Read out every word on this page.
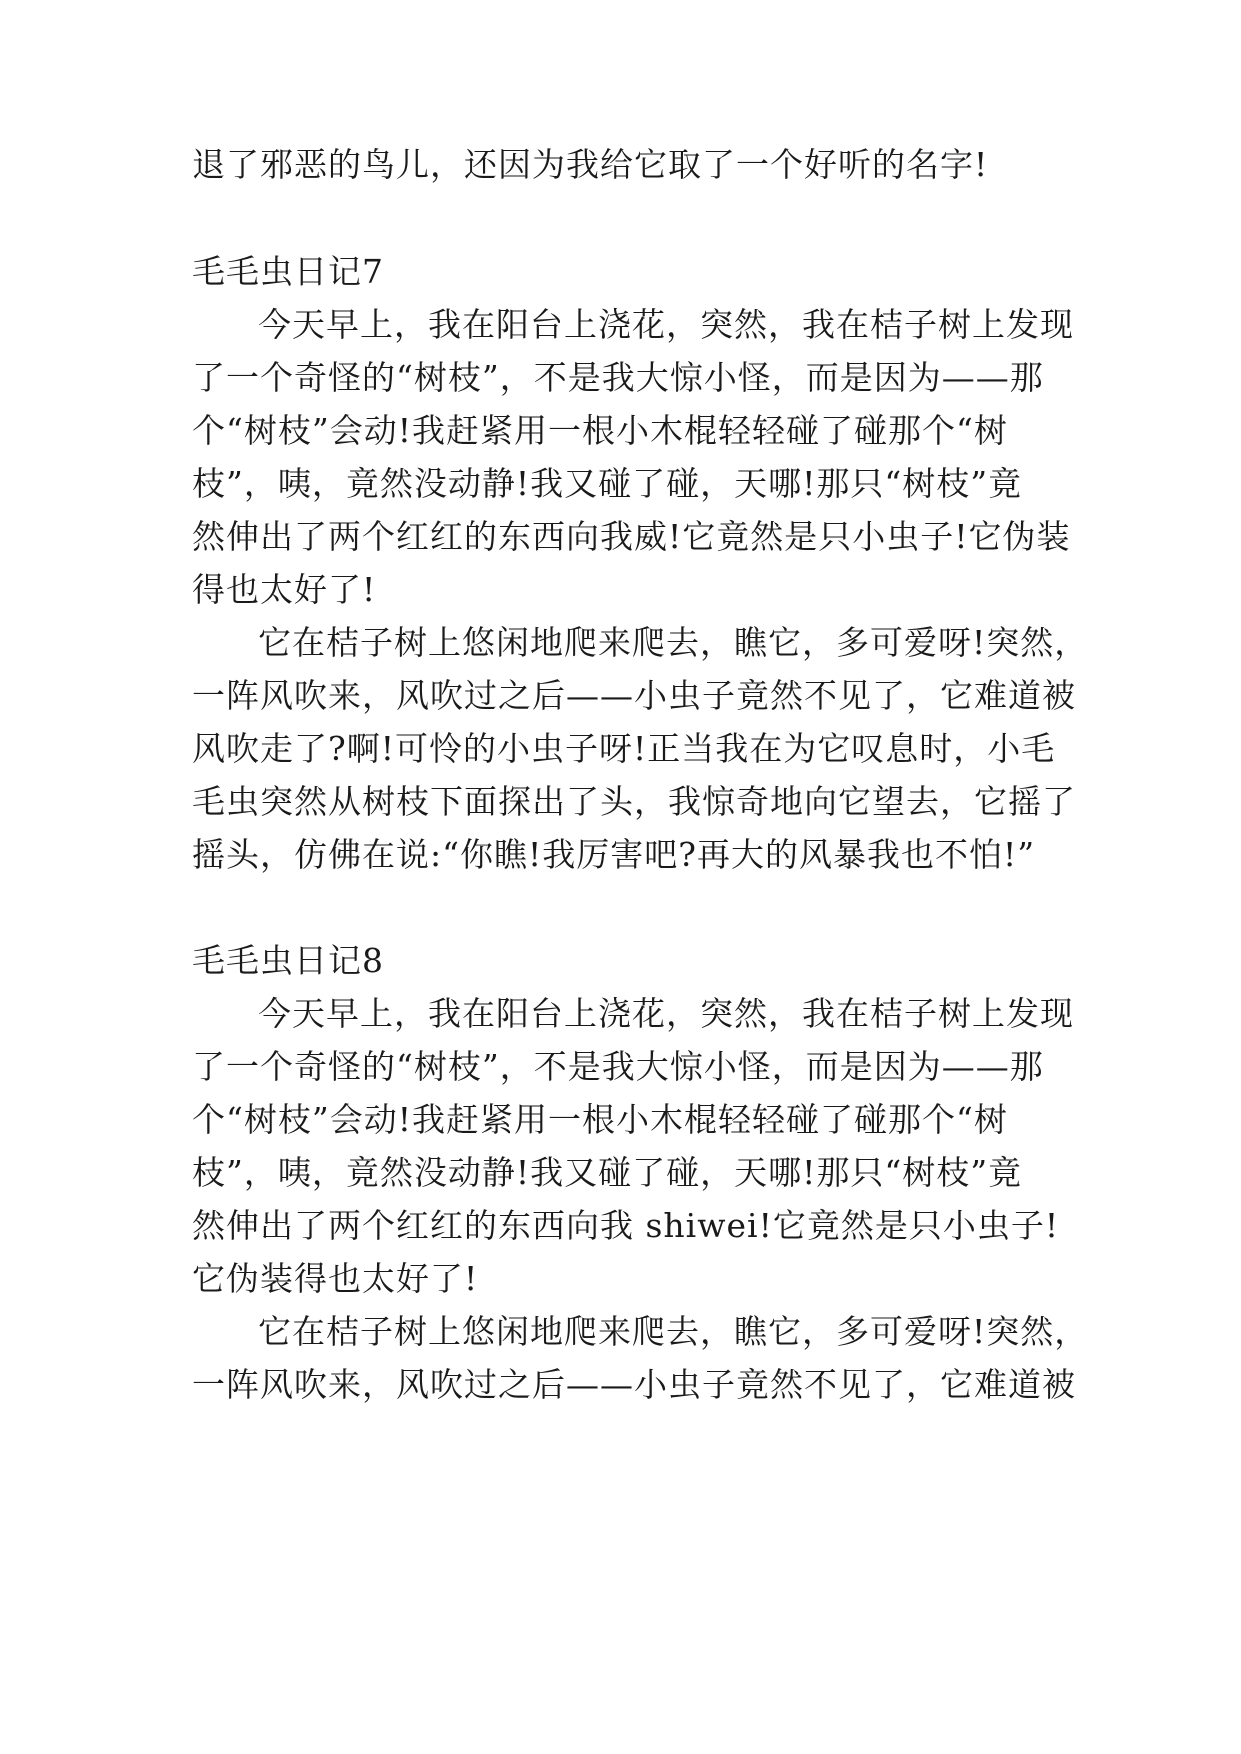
退了邪恶的鸟儿，还因为我给它取了一个好听的名字!
毛毛虫日记7
今天早上，我在阳台上浇花，突然，我在桔子树上发现
了一个奇怪的“树枝”，不是我大惊小怪，而是因为——那
个“树枝”会动!我赶紧用一根小木棍轻轻碰了碰那个“树
枝”，咦，竟然没动静!我又碰了碰，天哪!那只“树枝”竟
然伸出了两个红红的东西向我威!它竟然是只小虫子!它伪装
得也太好了!
它在桔子树上悠闲地爬来爬去，瞧它，多可爱呀!突然，
一阵风吹来，风吹过之后——小虫子竟然不见了，它难道被
风吹走了?啊!可怜的小虫子呀!正当我在为它叹息时，小毛
毛虫突然从树枝下面探出了头，我惊奇地向它望去，它摇了
摇头，仿佛在说:“你瞧!我厉害吧?再大的风暴我也不怕!”
毛毛虫日记8
今天早上，我在阳台上浇花，突然，我在桔子树上发现
了一个奇怪的“树枝”，不是我大惊小怪，而是因为——那
个“树枝”会动!我赶紧用一根小木棍轻轻碰了碰那个“树
枝”，咦，竟然没动静!我又碰了碰，天哪!那只“树枝”竟
然伸出了两个红红的东西向我 shiwei!它竟然是只小虫子!
它伪装得也太好了!
它在桔子树上悠闲地爬来爬去，瞧它，多可爱呀!突然，
一阵风吹来，风吹过之后——小虫子竟然不见了，它难道被
